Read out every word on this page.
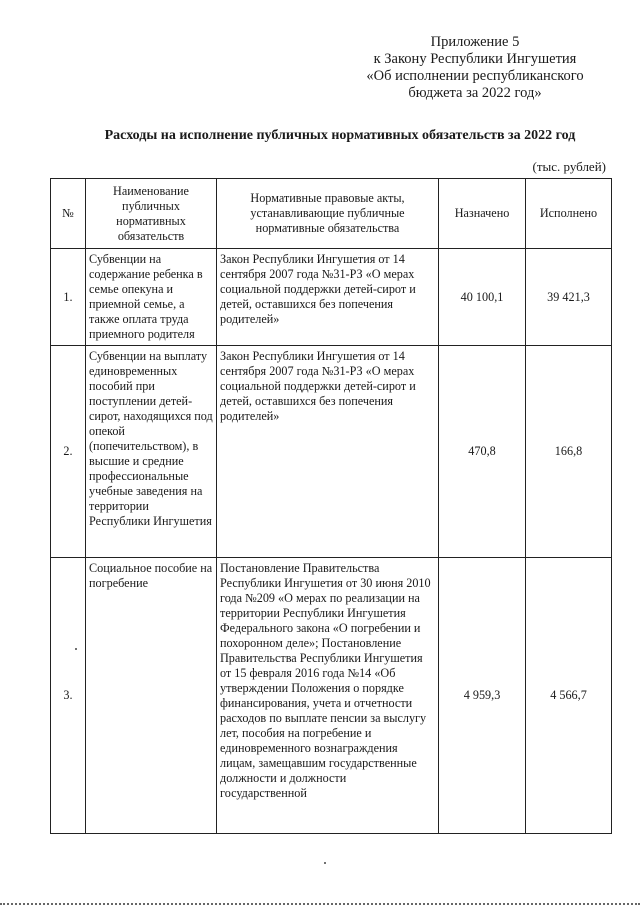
Приложение 5
к Закону Республики Ингушетия
«Об исполнении республиканского
бюджета за 2022 год»
Расходы на исполнение публичных нормативных обязательств за 2022 год
(тыс. рублей)
№	Наименование публичных нормативных обязательств	Нормативные правовые акты, устанавливающие публичные нормативные обязательства	Назначено	Исполнено
1.	Субвенции на содержание ребенка в семье опекуна и приемной семье, а также оплата труда приемного родителя	Закон Республики Ингушетия от 14 сентября 2007 года №31-РЗ «О мерах социальной поддержки детей-сирот и детей, оставшихся без попечения родителей»	40 100,1	39 421,3
2.	Субвенции на выплату единовременных пособий при поступлении детей-сирот, находящихся под опекой (попечительством), в высшие и средние профессиональные учебные заведения на территории Республики Ингушетия	Закон Республики Ингушетия от 14 сентября 2007 года №31-РЗ «О мерах социальной поддержки детей-сирот и детей, оставшихся без попечения родителей»	470,8	166,8
3.	Социальное пособие на погребение	Постановление Правительства Республики Ингушетия от 30 июня 2010 года №209 «О мерах по реализации на территории Республики Ингушетия Федерального закона «О погребении и похоронном деле»; Постановление Правительства Республики Ингушетия от 15 февраля 2016 года №14 «Об утверждении Положения о порядке финансирования, учета и отчетности расходов по выплате пенсии за выслугу лет, пособия на погребение и единовременного вознаграждения лицам, замещавшим государственные должности и должности государственной	4 959,3	4 566,7
